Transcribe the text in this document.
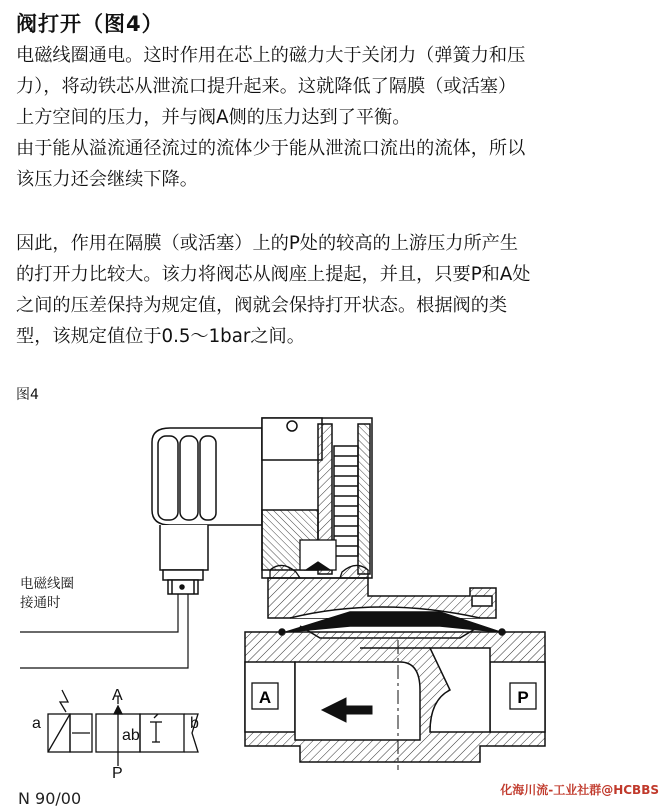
阀打开（图4）
电磁线圈通电。这时作用在芯上的磁力大于关闭力（弹簧力和压
力），将动铁芯从泄流口提升起来。这就降低了隔膜（或活塞）
上方空间的压力，并与阀A侧的压力达到了平衡。
由于能从溢流通径流过的流体少于能从泄流口流出的流体，所以
该压力还会继续下降。
因此，作用在隔膜（或活塞）上的P处的较高的上游压力所产生
的打开力比较大。该力将阀芯从阀座上提起，并且，只要P和A处
之间的压差保持为规定值，阀就会保持打开状态。根据阀的类
型，该规定值位于0.5～1bar之间。
图4
A	P
a	b
ab
A
P
电磁线圈
接通时
N 90/00	化海川流-工业社群@HCBBS
